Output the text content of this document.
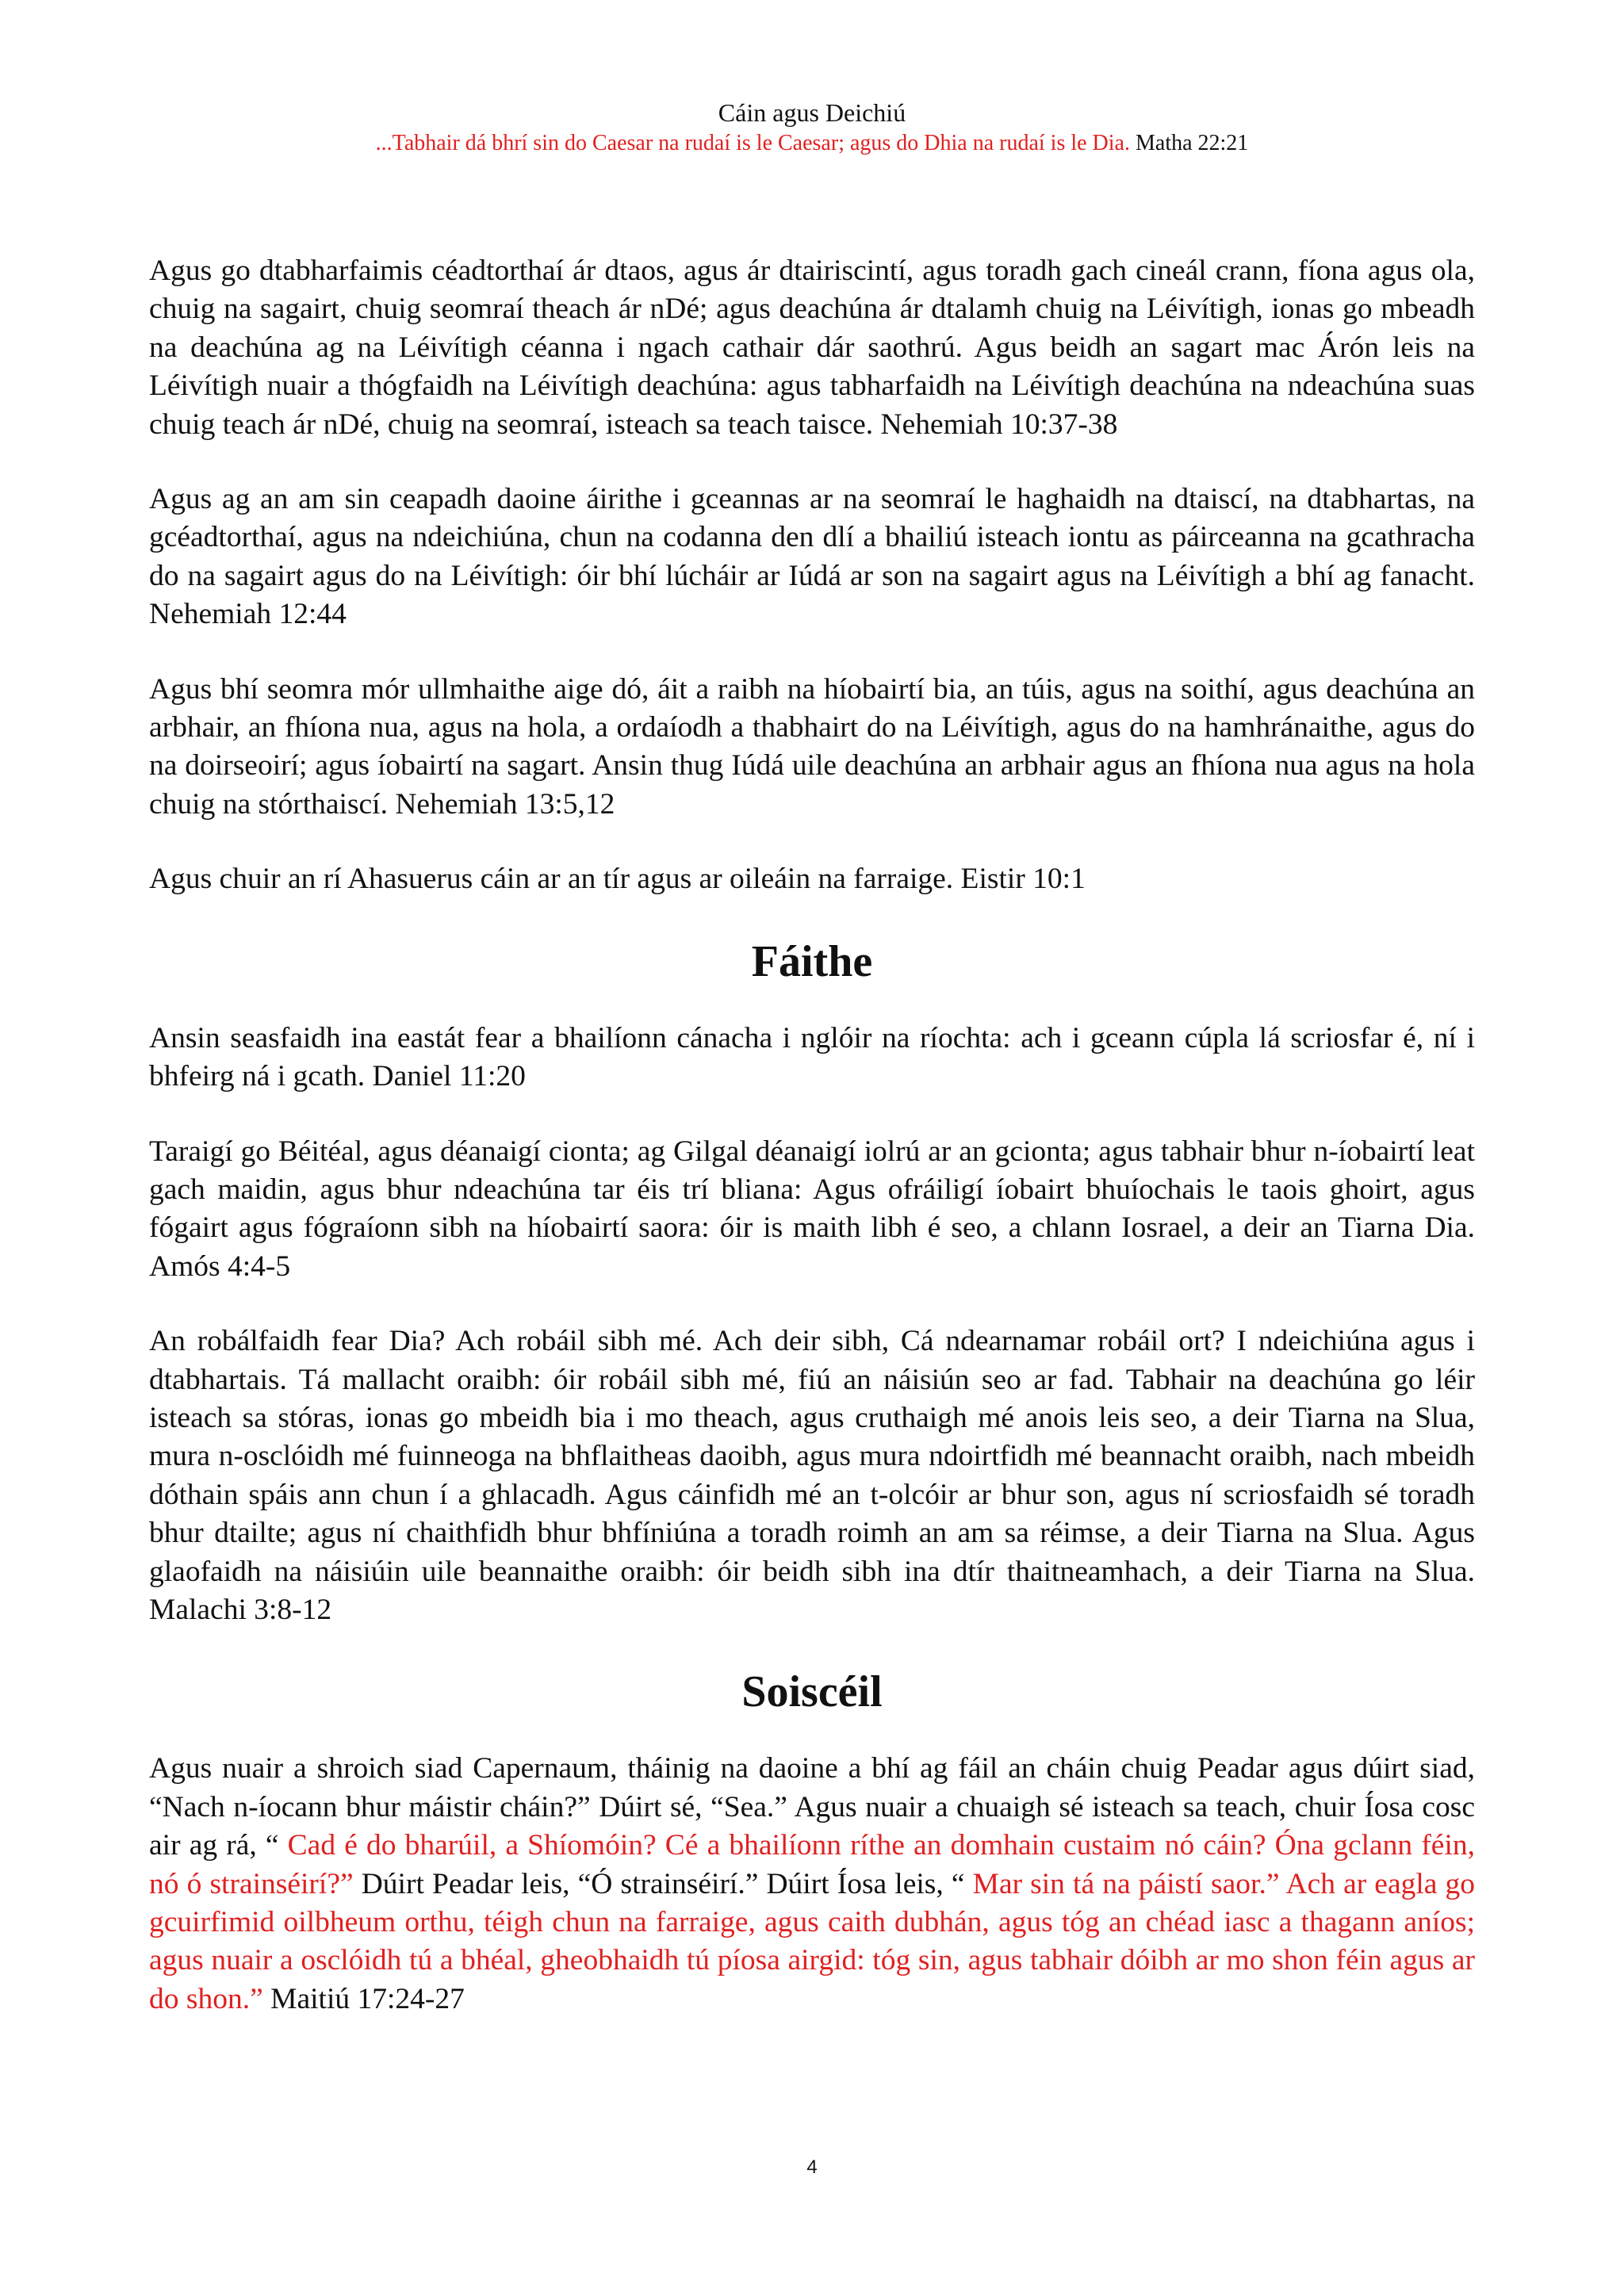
Cáin agus Deichiú
...Tabhair dá bhrí sin do Caesar na rudaí is le Caesar; agus do Dhia na rudaí is le Dia. Matha 22:21

Agus go dtabharfaimis céadtorthaí ár dtaos, agus ár dtairiscintí, agus toradh gach cineál crann, fíona agus ola, chuig na sagairt, chuig seomraí theach ár nDé; agus deachúna ár dtalamh chuig na Léivítigh, ionas go mbeadh na deachúna ag na Léivítigh céanna i ngach cathair dár saothrú. Agus beidh an sagart mac Árón leis na Léivítigh nuair a thógfaidh na Léivítigh deachúna: agus tabharfaidh na Léivítigh deachúna na ndeachúna suas chuig teach ár nDé, chuig na seomraí, isteach sa teach taisce. Nehemiah 10:37-38

Agus ag an am sin ceapadh daoine áirithe i gceannas ar na seomraí le haghaidh na dtaiscí, na dtabhartas, na gcéadtorthaí, agus na ndeichiúna, chun na codanna den dlí a bhailiú isteach iontu as páirceanna na gcathracha do na sagairt agus do na Léivítigh: óir bhí lúcháir ar Iúdá ar son na sagairt agus na Léivítigh a bhí ag fanacht. Nehemiah 12:44

Agus bhí seomra mór ullmhaithe aige dó, áit a raibh na híobairtí bia, an túis, agus na soithí, agus deachúna an arbhair, an fhíona nua, agus na hola, a ordaíodh a thabhairt do na Léivítigh, agus do na hamhránaithe, agus do na doirseoirí; agus íobairtí na sagart. Ansin thug Iúdá uile deachúna an arbhair agus an fhíona nua agus na hola chuig na stórthaiscí. Nehemiah 13:5,12

Agus chuir an rí Ahasuerus cáin ar an tír agus ar oileáin na farraige. Eistir 10:1

Fáithe

Ansin seasfaidh ina eastát fear a bhailíonn cánacha i nglóir na ríochta: ach i gceann cúpla lá scriosfar é, ní i bhfeirg ná i gcath. Daniel 11:20

Taraigí go Béitéal, agus déanaigí cionta; ag Gilgal déanaigí iolrú ar an gcionta; agus tabhair bhur n-íobairtí leat gach maidin, agus bhur ndeachúna tar éis trí bliana: Agus ofráiligí íobairt bhuíochais le taois ghoirt, agus fógairt agus fógraíonn sibh na híobairtí saora: óir is maith libh é seo, a chlann Iosrael, a deir an Tiarna Dia. Amós 4:4-5

An robálfaidh fear Dia? Ach robáil sibh mé. Ach deir sibh, Cá ndearnamar robáil ort? I ndeichiúna agus i dtabhartais. Tá mallacht oraibh: óir robáil sibh mé, fiú an náisiún seo ar fad. Tabhair na deachúna go léir isteach sa stóras, ionas go mbeidh bia i mo theach, agus cruthaigh mé anois leis seo, a deir Tiarna na Slua, mura n-osclóidh mé fuinneoga na bhflaitheas daoibh, agus mura ndoirtfidh mé beannacht oraibh, nach mbeidh dóthain spáis ann chun í a ghlacadh. Agus cáinfidh mé an t-olcóir ar bhur son, agus ní scriosfaidh sé toradh bhur dtailte; agus ní chaithfidh bhur bhfíniúna a toradh roimh an am sa réimse, a deir Tiarna na Slua. Agus glaofaidh na náisiúin uile beannaithe oraibh: óir beidh sibh ina dtír thaitneamhach, a deir Tiarna na Slua. Malachi 3:8-12

Soiscéil

Agus nuair a shroich siad Capernaum, tháinig na daoine a bhí ag fáil an cháin chuig Peadar agus dúirt siad, “Nach n-íocann bhur máistir cháin?” Dúirt sé, “Sea.” Agus nuair a chuaigh sé isteach sa teach, chuir Íosa cosc air ag rá, “ Cad é do bharúil, a Shíomóin? Cé a bhailíonn ríthe an domhain custaim nó cáin? Óna gclann féin, nó ó strainséirí?” Dúirt Peadar leis, “Ó strainséirí.” Dúirt Íosa leis, “ Mar sin tá na páistí saor.” Ach ar eagla go gcuirfimid oilbheum orthu, téigh chun na farraige, agus caith dubhán, agus tóg an chéad iasc a thagann aníos; agus nuair a osclóidh tú a bhéal, gheobhaidh tú píosa airgid: tóg sin, agus tabhair dóibh ar mo shon féin agus ar do shon.” Maitiú 17:24-27

4
